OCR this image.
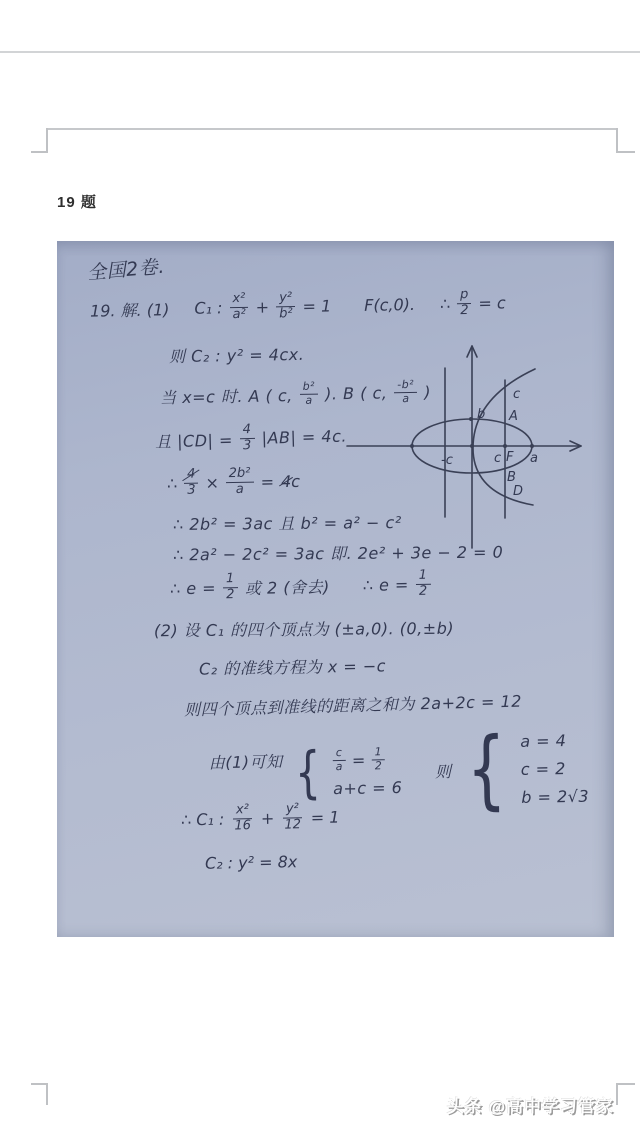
19 题
全国2卷.
19. 解. (1) C₁ : $\frac{\text{x²}}{\text{a²}} + \frac{\text{y²}}{\text{b²}} = 1$ F(c,0). ∴ $\frac{p}{2} = c$
则 C₂ : y² = 4cx.
当 x=c 时. A ( c, $\frac{\text{b²}}{a}$ ). B ( c, $\frac{\text{-b²}}{a}$ )
且 $|CD| = \frac{4}{3} |AB| = 4c$.
∴ $\frac{4}{3} \times \frac{\text{2b²}}{a} = 4$ c
∴ 2b² = 3ac 且 b² = a² − c²
∴ 2a² − 2c² = 3ac 即. 2e² + 3e − 2 = 0
∴ $e = \frac{1}{2}$ 或 2 (舍去) ∴ $e = \frac{1}{2}$
(2) 设 C₁ 的四个顶点为 (±a,0). (0,±b)
C₂ 的准线方程为 x = −c
则四个顶点到准线的距离之和为 2a+2c = 12
由(1)可知 { $\frac{c}{a} = \frac{1}{2}$
a+c = 6
则 { a = 4
c = 2
b = 2√3
∴ C₁ : $\frac{\text{x²}}{16} + \frac{\text{y²}}{12} = 1$
C₂ : y² = 8x
b
c
A
-c	c F a
B
D
头条 @高中学习管家
